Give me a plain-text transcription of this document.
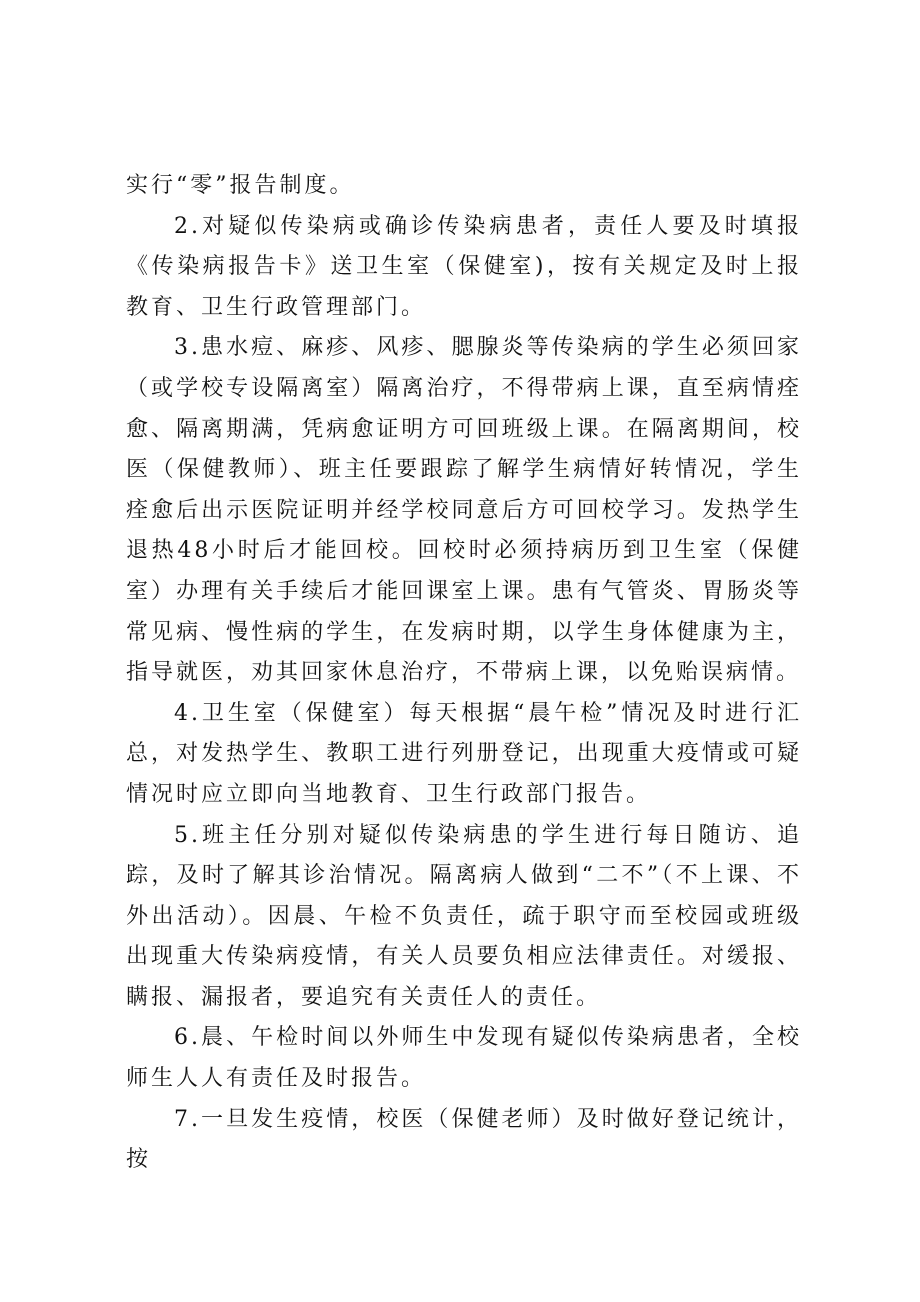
实行“零”报告制度。

2.对疑似传染病或确诊传染病患者，责任人要及时填报《传染病报告卡》送卫生室（保健室)，按有关规定及时上报教育、卫生行政管理部门。

3.患水痘、麻疹、风疹、腮腺炎等传染病的学生必须回家（或学校专设隔离室）隔离治疗，不得带病上课，直至病情痊愈、隔离期满，凭病愈证明方可回班级上课。在隔离期间，校医（保健教师）、班主任要跟踪了解学生病情好转情况，学生痊愈后出示医院证明并经学校同意后方可回校学习。发热学生退热48小时后才能回校。回校时必须持病历到卫生室（保健室）办理有关手续后才能回课室上课。患有气管炎、胃肠炎等常见病、慢性病的学生，在发病时期，以学生身体健康为主，指导就医，劝其回家休息治疗，不带病上课，以免贻误病情。

4.卫生室（保健室）每天根据“晨午检”情况及时进行汇总，对发热学生、教职工进行列册登记，出现重大疫情或可疑情况时应立即向当地教育、卫生行政部门报告。

5.班主任分别对疑似传染病患的学生进行每日随访、追踪，及时了解其诊治情况。隔离病人做到“二不”（不上课、不外出活动）。因晨、午检不负责任，疏于职守而至校园或班级出现重大传染病疫情，有关人员要负相应法律责任。对缓报、瞒报、漏报者，要追究有关责任人的责任。

6.晨、午检时间以外师生中发现有疑似传染病患者，全校师生人人有责任及时报告。

7.一旦发生疫情，校医（保健老师）及时做好登记统计，按
